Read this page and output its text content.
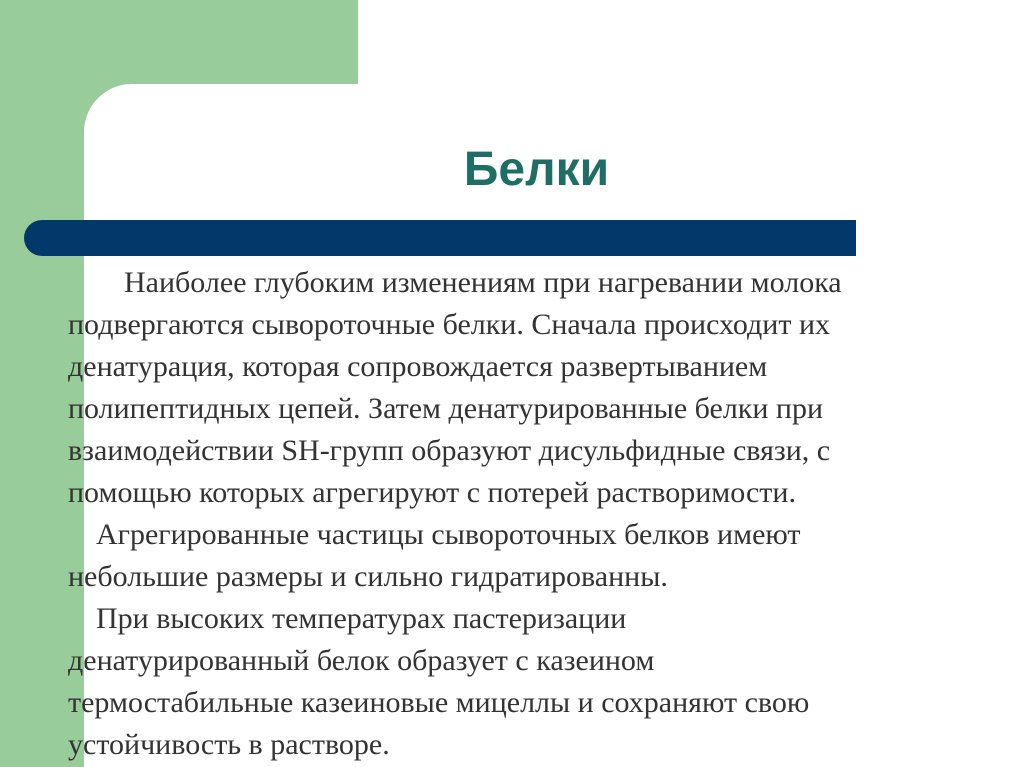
Белки

Наиболее глубоким изменениям при нагревании молока
подвергаются сывороточные белки. Сначала происходит их
денатурация, которая сопровождается развертыванием
полипептидных цепей. Затем денатурированные белки при
взаимодействии SH-групп образуют дисульфидные связи, с
помощью которых агрегируют с потерей растворимости.

Агрегированные частицы сывороточных белков имеют
небольшие размеры и сильно гидратированны.

При высоких температурах пастеризации
денатурированный белок образует с казеином
термостабильные казеиновые мицеллы и сохраняют свою
устойчивость в растворе.
